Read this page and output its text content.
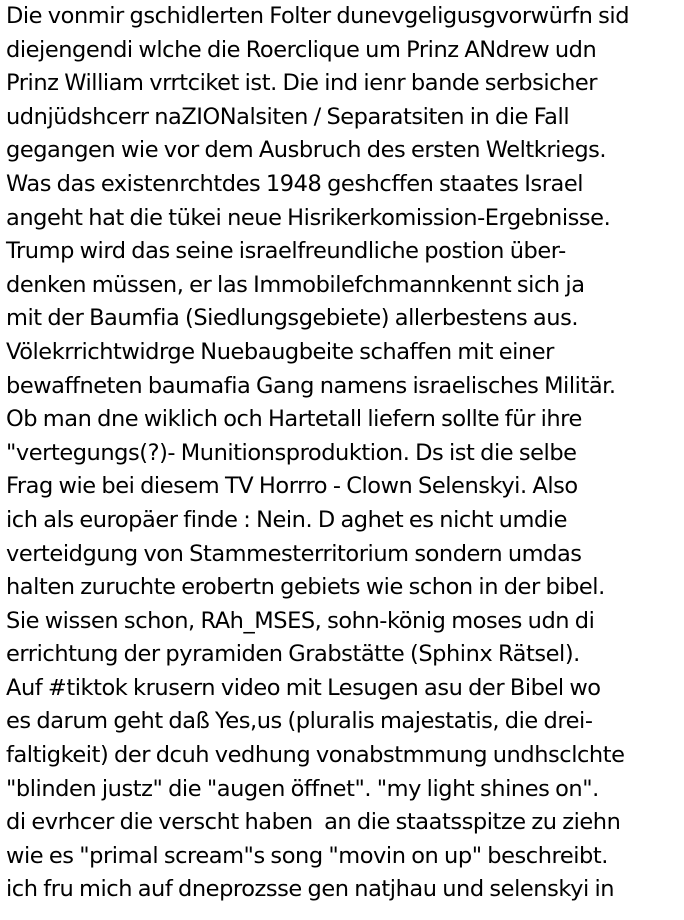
Die vonmir gschidlerten Folter dunevgeligusgvorwürfn sid
diejengendi wlche die Roerclique um Prinz ANdrew udn
Prinz William vrrtciket ist. Die ind ienr bande serbsicher
udnjüdshcerr naZIONalsiten / Separatsiten in die Fall
gegangen wie vor dem Ausbruch des ersten Weltkriegs.
Was das existenrchtdes 1948 geshcffen staates Israel
angeht hat die tükei neue Hisrikerkomission-Ergebnisse.
Trump wird das seine israelfreundliche postion über-
denken müssen, er las Immobilefchmannkennt sich ja
mit der Baumfia (Siedlungsgebiete) allerbestens aus.
Völekrrichtwidrge Nuebaugbeite schaffen mit einer
bewaffneten baumafia Gang namens israelisches Militär.
Ob man dne wiklich och Hartetall liefern sollte für ihre
"vertegungs(?)- Munitionsproduktion. Ds ist die selbe
Frag wie bei diesem TV Horrro - Clown Selenskyi. Also
ich als europäer finde : Nein. D aghet es nicht umdie
verteidgung von Stammesterritorium sondern umdas
halten zuruchte erobertn gebiets wie schon in der bibel.
Sie wissen schon, RAh_MSES, sohn-könig moses udn di
errichtung der pyramiden Grabstätte (Sphinx Rätsel).
Auf #tiktok krusern video mit Lesugen asu der Bibel wo
es darum geht daß Yes,us (pluralis majestatis, die drei-
faltigkeit) der dcuh vedhung vonabstmmung undhsclchte
"blinden justz" die "augen öffnet". "my light shines on".
di evrhcer die verscht haben  an die staatsspitze zu ziehn
wie es "primal scream"s song "movin on up" beschreibt.
ich fru mich auf dneprozsse gen natjhau und selenskyi in
